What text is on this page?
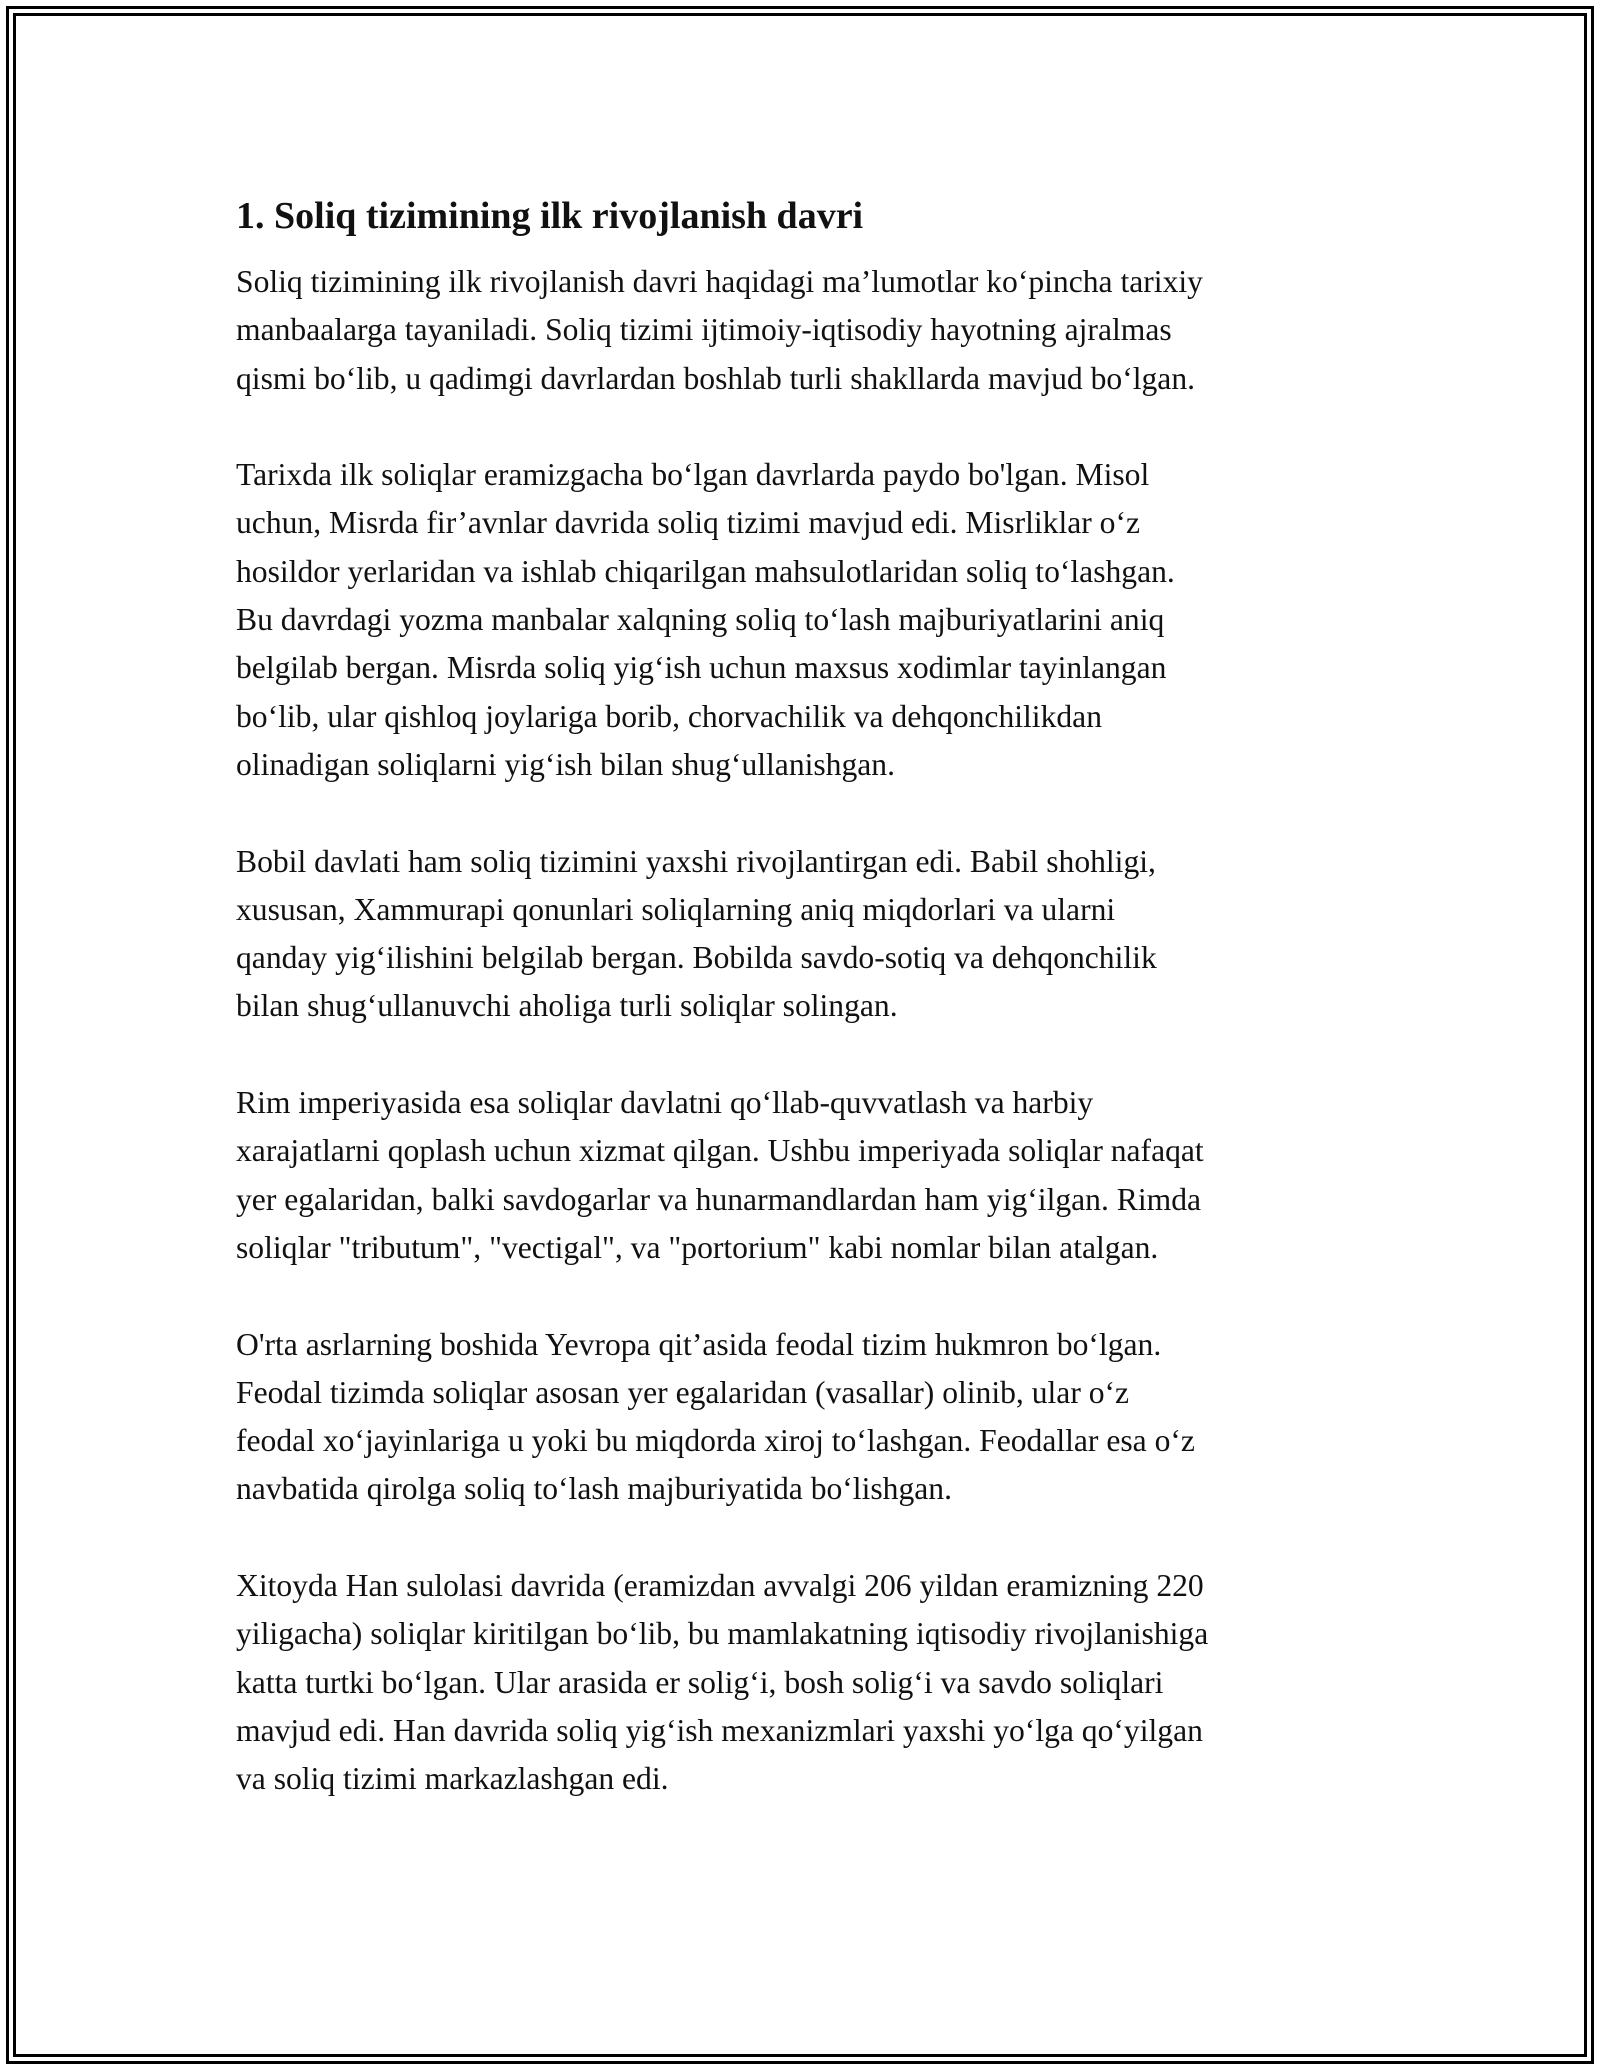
1. Soliq tizimining ilk rivojlanish davri

Soliq tizimining ilk rivojlanish davri haqidagi ma’lumotlar ko‘pincha tarixiy
manbaalarga tayaniladi. Soliq tizimi ijtimoiy-iqtisodiy hayotning ajralmas
qismi bo‘lib, u qadimgi davrlardan boshlab turli shakllarda mavjud bo‘lgan.

Tarixda ilk soliqlar eramizgacha bo‘lgan davrlarda paydo bo'lgan. Misol
uchun, Misrda fir’avnlar davrida soliq tizimi mavjud edi. Misrliklar o‘z
hosildor yerlaridan va ishlab chiqarilgan mahsulotlaridan soliq to‘lashgan.
Bu davrdagi yozma manbalar xalqning soliq to‘lash majburiyatlarini aniq
belgilab bergan. Misrda soliq yig‘ish uchun maxsus xodimlar tayinlangan
bo‘lib, ular qishloq joylariga borib, chorvachilik va dehqonchilikdan
olinadigan soliqlarni yig‘ish bilan shug‘ullanishgan.

Bobil davlati ham soliq tizimini yaxshi rivojlantirgan edi. Babil shohligi,
xususan, Xammurapi qonunlari soliqlarning aniq miqdorlari va ularni
qanday yig‘ilishini belgilab bergan. Bobilda savdo-sotiq va dehqonchilik
bilan shug‘ullanuvchi aholiga turli soliqlar solingan.

Rim imperiyasida esa soliqlar davlatni qo‘llab-quvvatlash va harbiy
xarajatlarni qoplash uchun xizmat qilgan. Ushbu imperiyada soliqlar nafaqat
yer egalaridan, balki savdogarlar va hunarmandlardan ham yig‘ilgan. Rimda
soliqlar "tributum", "vectigal", va "portorium" kabi nomlar bilan atalgan.

O'rta asrlarning boshida Yevropa qit’asida feodal tizim hukmron bo‘lgan.
Feodal tizimda soliqlar asosan yer egalaridan (vasallar) olinib, ular o‘z
feodal xo‘jayinlariga u yoki bu miqdorda xiroj to‘lashgan. Feodallar esa o‘z
navbatida qirolga soliq to‘lash majburiyatida bo‘lishgan.

Xitoyda Han sulolasi davrida (eramizdan avvalgi 206 yildan eramizning 220
yiligacha) soliqlar kiritilgan bo‘lib, bu mamlakatning iqtisodiy rivojlanishiga
katta turtki bo‘lgan. Ular arasida er solig‘i, bosh solig‘i va savdo soliqlari
mavjud edi. Han davrida soliq yig‘ish mexanizmlari yaxshi yo‘lga qo‘yilgan
va soliq tizimi markazlashgan edi.
